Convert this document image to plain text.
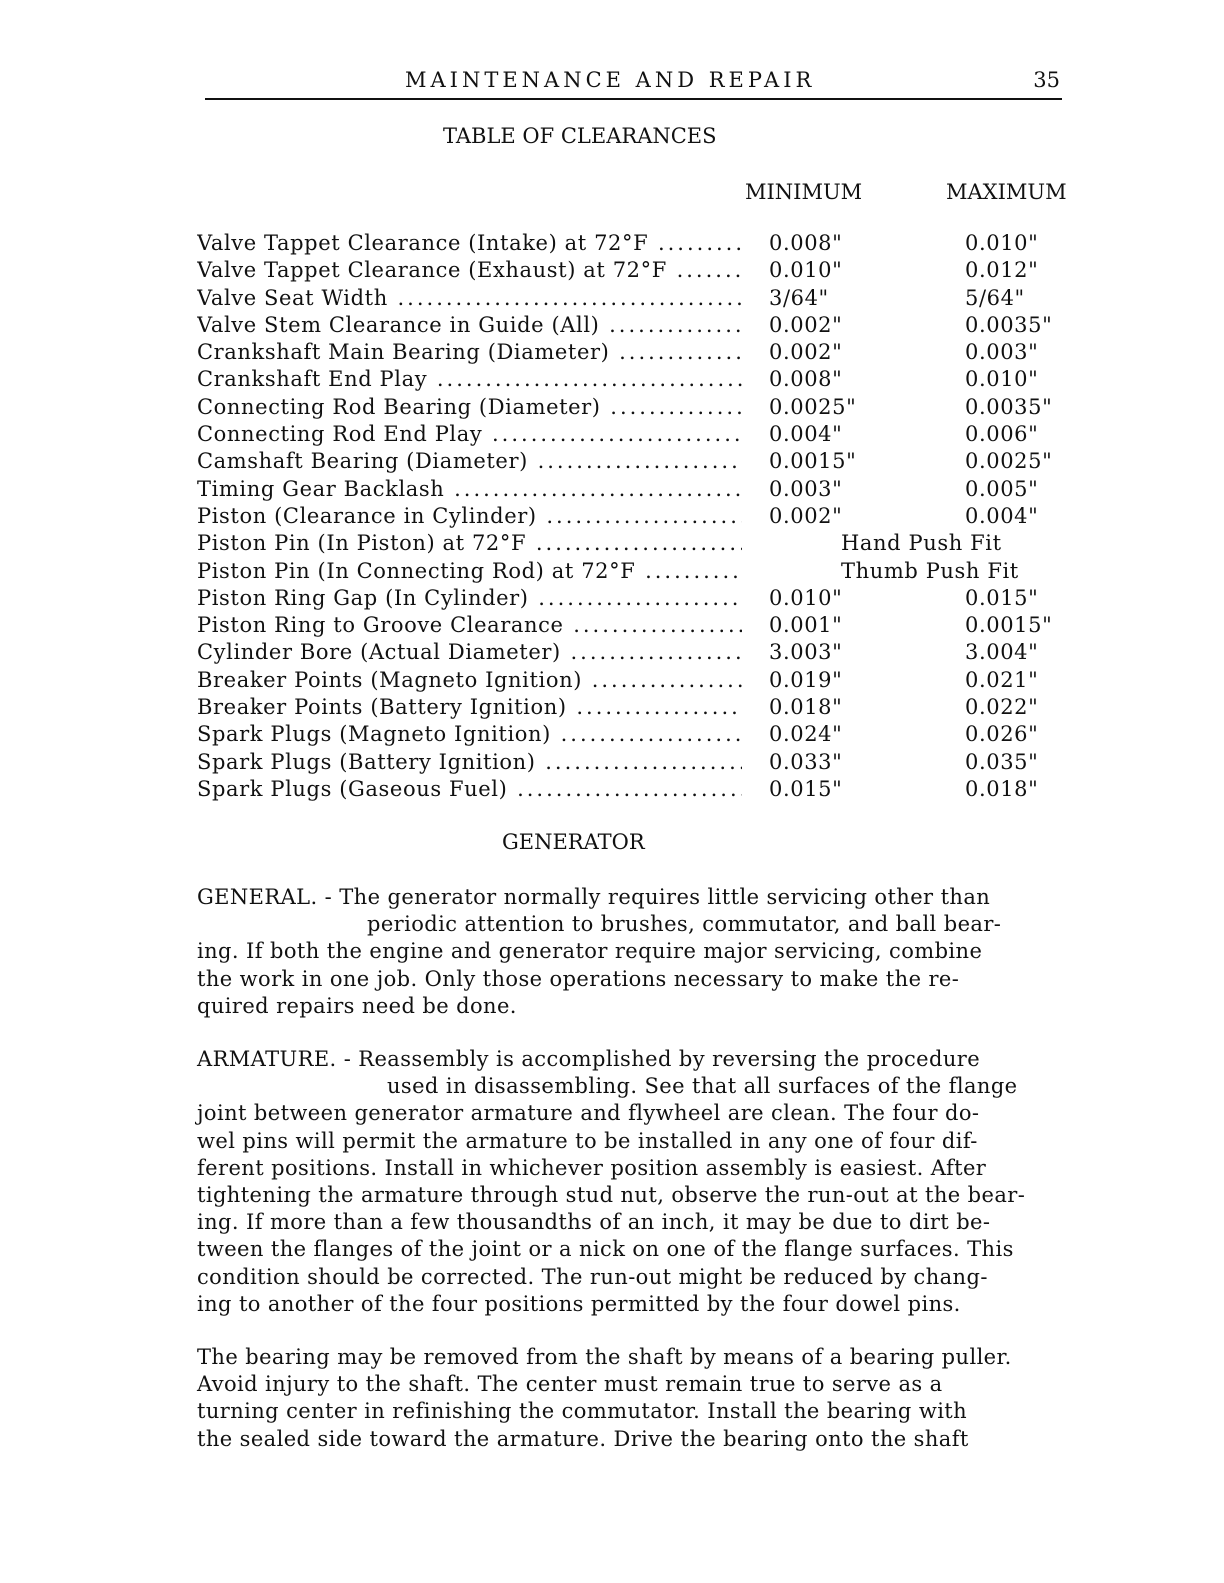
MAINTENANCE AND REPAIR	35
TABLE OF CLEARANCES
MINIMUM	MAXIMUM
Valve Tappet Clearance (Intake) at 72°F .....	0.008"	0.010"
Valve Tappet Clearance (Exhaust) at 72°F .....	0.010"	0.012"
Valve Seat Width .....	3/64"	5/64"
Valve Stem Clearance in Guide (All) .....	0.002"	0.0035"
Crankshaft Main Bearing (Diameter) .....	0.002"	0.003"
Crankshaft End Play .....	0.008"	0.010"
Connecting Rod Bearing (Diameter) .....	0.0025"	0.0035"
Connecting Rod End Play .....	0.004"	0.006"
Camshaft Bearing (Diameter) .....	0.0015"	0.0025"
Timing Gear Backlash .....	0.003"	0.005"
Piston (Clearance in Cylinder) .....	0.002"	0.004"
Piston Pin (In Piston) at 72°F .....	Hand Push Fit
Piston Pin (In Connecting Rod) at 72°F .....	Thumb Push Fit
Piston Ring Gap (In Cylinder) .....	0.010"	0.015"
Piston Ring to Groove Clearance .....	0.001"	0.0015"
Cylinder Bore (Actual Diameter) .....	3.003"	3.004"
Breaker Points (Magneto Ignition) .....	0.019"	0.021"
Breaker Points (Battery Ignition) .....	0.018"	0.022"
Spark Plugs (Magneto Ignition) .....	0.024"	0.026"
Spark Plugs (Battery Ignition) .....	0.033"	0.035"
Spark Plugs (Gaseous Fuel) .....	0.015"	0.018"
GENERATOR
GENERAL. - The generator normally requires little servicing other than
periodic attention to brushes, commutator, and ball bear-
ing. If both the engine and generator require major servicing, combine
the work in one job. Only those operations necessary to make the re-
quired repairs need be done.
ARMATURE. - Reassembly is accomplished by reversing the procedure
used in disassembling. See that all surfaces of the flange
joint between generator armature and flywheel are clean. The four do-
wel pins will permit the armature to be installed in any one of four dif-
ferent positions. Install in whichever position assembly is easiest. After
tightening the armature through stud nut, observe the run-out at the bear-
ing. If more than a few thousandths of an inch, it may be due to dirt be-
tween the flanges of the joint or a nick on one of the flange surfaces. This
condition should be corrected. The run-out might be reduced by chang-
ing to another of the four positions permitted by the four dowel pins.
The bearing may be removed from the shaft by means of a bearing puller.
Avoid injury to the shaft. The center must remain true to serve as a
turning center in refinishing the commutator. Install the bearing with
the sealed side toward the armature. Drive the bearing onto the shaft
